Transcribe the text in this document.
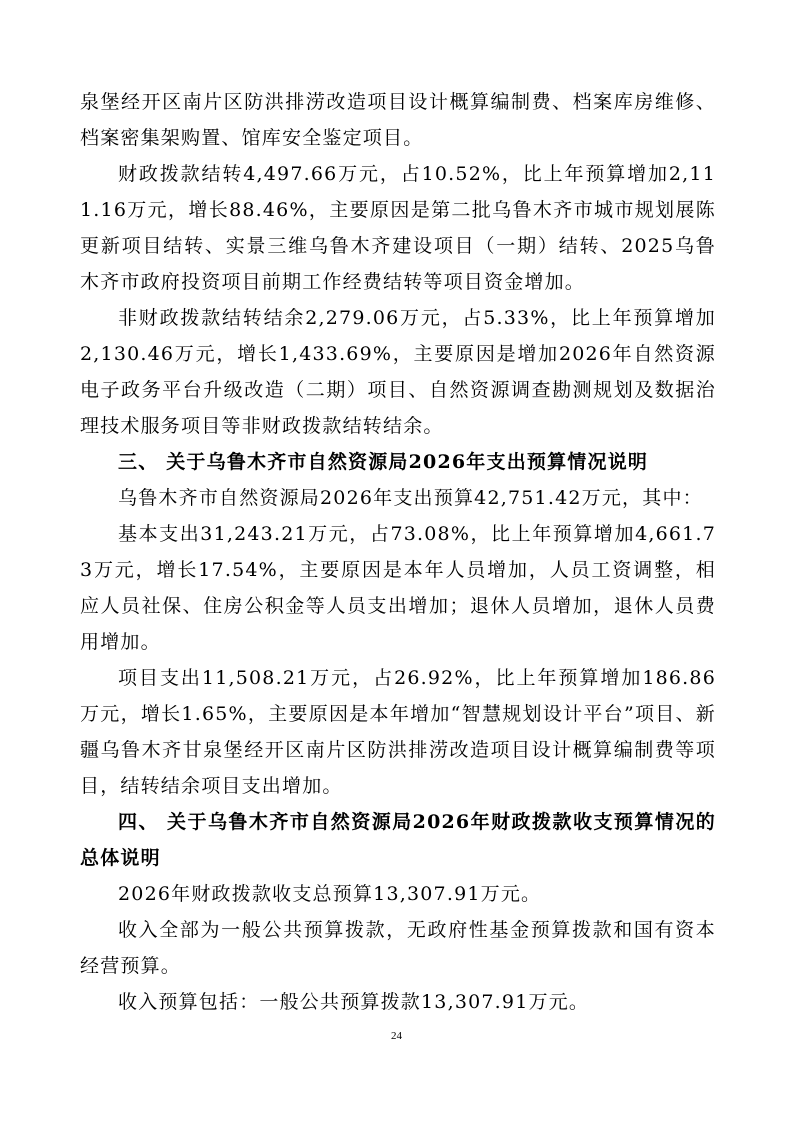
泉堡经开区南片区防洪排涝改造项目设计概算编制费、档案库房维修、档案密集架购置、馆库安全鉴定项目。

财政拨款结转4,497.66万元，占10.52%，比上年预算增加2,111.16万元，增长88.46%，主要原因是第二批乌鲁木齐市城市规划展陈更新项目结转、实景三维乌鲁木齐建设项目（一期）结转、2025乌鲁木齐市政府投资项目前期工作经费结转等项目资金增加。

非财政拨款结转结余2,279.06万元，占5.33%，比上年预算增加2,130.46万元，增长1,433.69%，主要原因是增加2026年自然资源电子政务平台升级改造（二期）项目、自然资源调查勘测规划及数据治理技术服务项目等非财政拨款结转结余。

三、 关于乌鲁木齐市自然资源局2026年支出预算情况说明

乌鲁木齐市自然资源局2026年支出预算42,751.42万元，其中：

基本支出31,243.21万元，占73.08%，比上年预算增加4,661.73万元，增长17.54%，主要原因是本年人员增加，人员工资调整，相应人员社保、住房公积金等人员支出增加；退休人员增加，退休人员费用增加。

项目支出11,508.21万元，占26.92%，比上年预算增加186.86万元，增长1.65%，主要原因是本年增加“智慧规划设计平台”项目、新疆乌鲁木齐甘泉堡经开区南片区防洪排涝改造项目设计概算编制费等项目，结转结余项目支出增加。

四、 关于乌鲁木齐市自然资源局2026年财政拨款收支预算情况的总体说明

2026年财政拨款收支总预算13,307.91万元。

收入全部为一般公共预算拨款，无政府性基金预算拨款和国有资本经营预算。

收入预算包括：一般公共预算拨款13,307.91万元。

24
